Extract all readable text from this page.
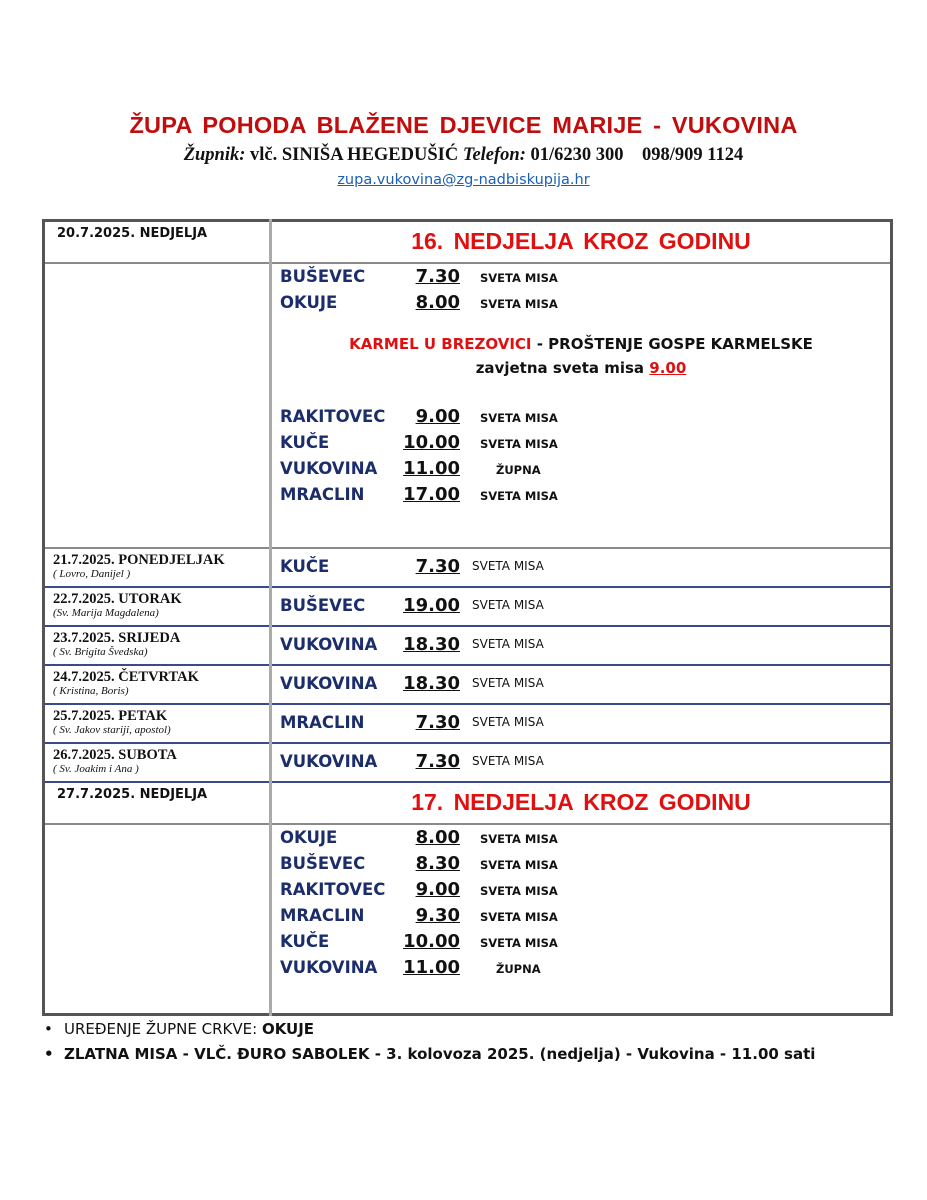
ŽUPA POHODA BLAŽENE DJEVICE MARIJE - VUKOVINA
Župnik: vlč. SINIŠA HEGEDUŠIĆ Telefon: 01/6230 300 098/909 1124
zupa.vukovina@zg-nadbiskupija.hr
20.7.2025. NEDJELJA	16. NEDJELJA KROZ GODINU

BUŠEVEC	7.30	SVETA MISA
OKUJE	8.00	SVETA MISA
KARMEL U BREZOVICI - PROŠTENJE GOSPE KARMELSKE
zavjetna sveta misa 9.00
RAKITOVEC	9.00	SVETA MISA
KUČE	10.00	SVETA MISA
VUKOVINA	11.00	ŽUPNA
MRACLIN	17.00	SVETA MISA

21.7.2025. PONEDJELJAK
( Lovro, Danijel )	KUČE	7.30	SVETA MISA

22.7.2025. UTORAK
(Sv. Marija Magdalena)	BUŠEVEC	19.00	SVETA MISA

23.7.2025. SRIJEDA
( Sv. Brigita Švedska)	VUKOVINA	18.30	SVETA MISA

24.7.2025. ČETVRTAK
( Kristina, Boris)	VUKOVINA	18.30	SVETA MISA

25.7.2025. PETAK
( Sv. Jakov stariji, apostol)	MRACLIN	7.30	SVETA MISA

26.7.2025. SUBOTA
( Sv. Joakim i Ana )	VUKOVINA	7.30	SVETA MISA

27.7.2025. NEDJELJA	17. NEDJELJA KROZ GODINU

OKUJE	8.00	SVETA MISA
BUŠEVEC	8.30	SVETA MISA
RAKITOVEC	9.00	SVETA MISA
MRACLIN	9.30	SVETA MISA
KUČE	10.00	SVETA MISA
VUKOVINA	11.00	ŽUPNA
• UREĐENJE ŽUPNE CRKVE: OKUJE
• ZLATNA MISA - VLČ. ĐURO SABOLEK - 3. kolovoza 2025. (nedjelja) - Vukovina - 11.00 sati
